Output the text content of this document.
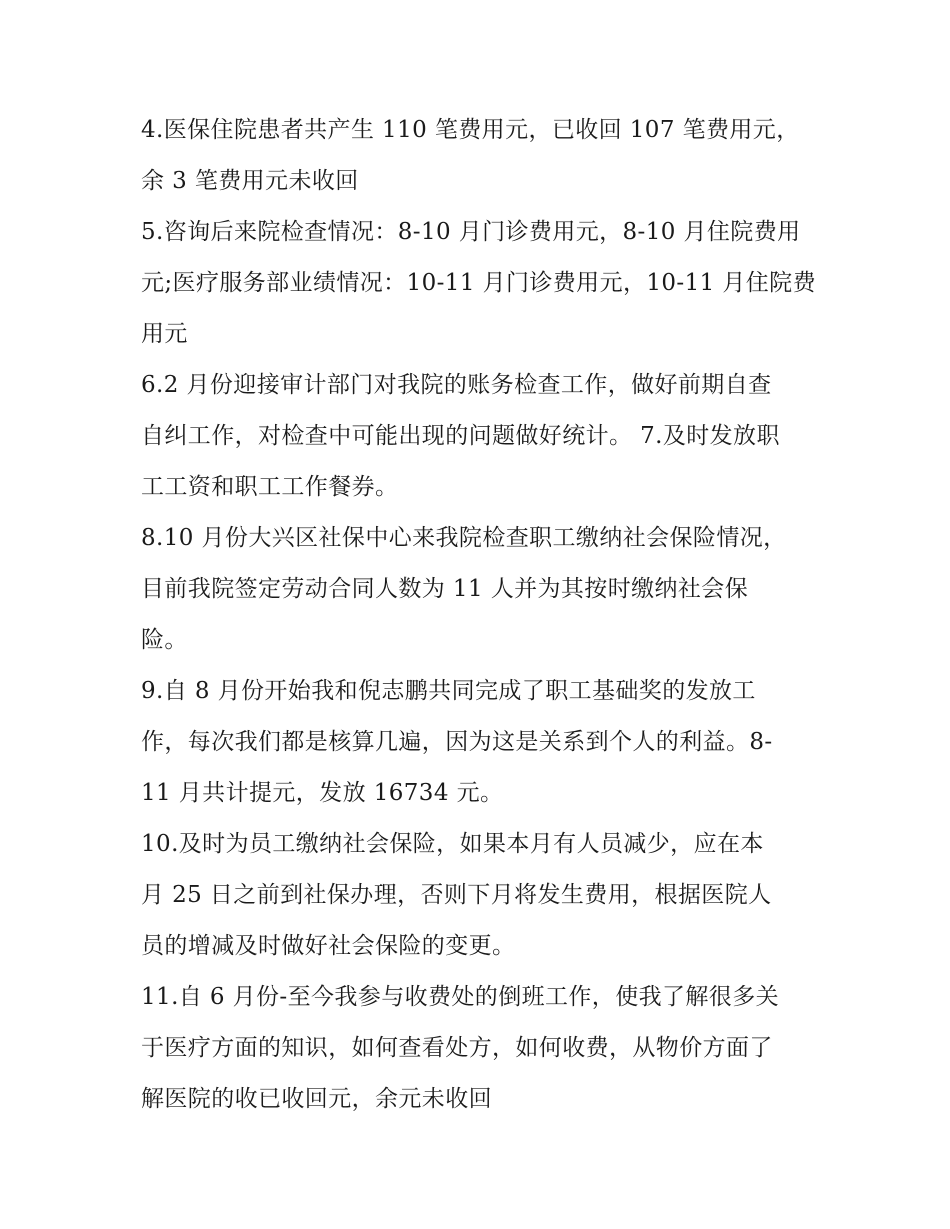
4.医保住院患者共产生 110 笔费用元，已收回 107 笔费用元，
余 3 笔费用元未收回
5.咨询后来院检查情况：8-10 月门诊费用元，8-10 月住院费用
元;医疗服务部业绩情况：10-11 月门诊费用元，10-11 月住院费
用元
6.2 月份迎接审计部门对我院的账务检查工作，做好前期自查
自纠工作，对检查中可能出现的问题做好统计。 7.及时发放职
工工资和职工工作餐券。
8.10 月份大兴区社保中心来我院检查职工缴纳社会保险情况，
目前我院签定劳动合同人数为 11 人并为其按时缴纳社会保
险。
9.自 8 月份开始我和倪志鹏共同完成了职工基础奖的发放工
作，每次我们都是核算几遍，因为这是关系到个人的利益。8-
11 月共计提元，发放 16734 元。
10.及时为员工缴纳社会保险，如果本月有人员减少，应在本
月 25 日之前到社保办理，否则下月将发生费用，根据医院人
员的增减及时做好社会保险的变更。
11.自 6 月份-至今我参与收费处的倒班工作，使我了解很多关
于医疗方面的知识，如何查看处方，如何收费，从物价方面了
解医院的收已收回元，余元未收回
